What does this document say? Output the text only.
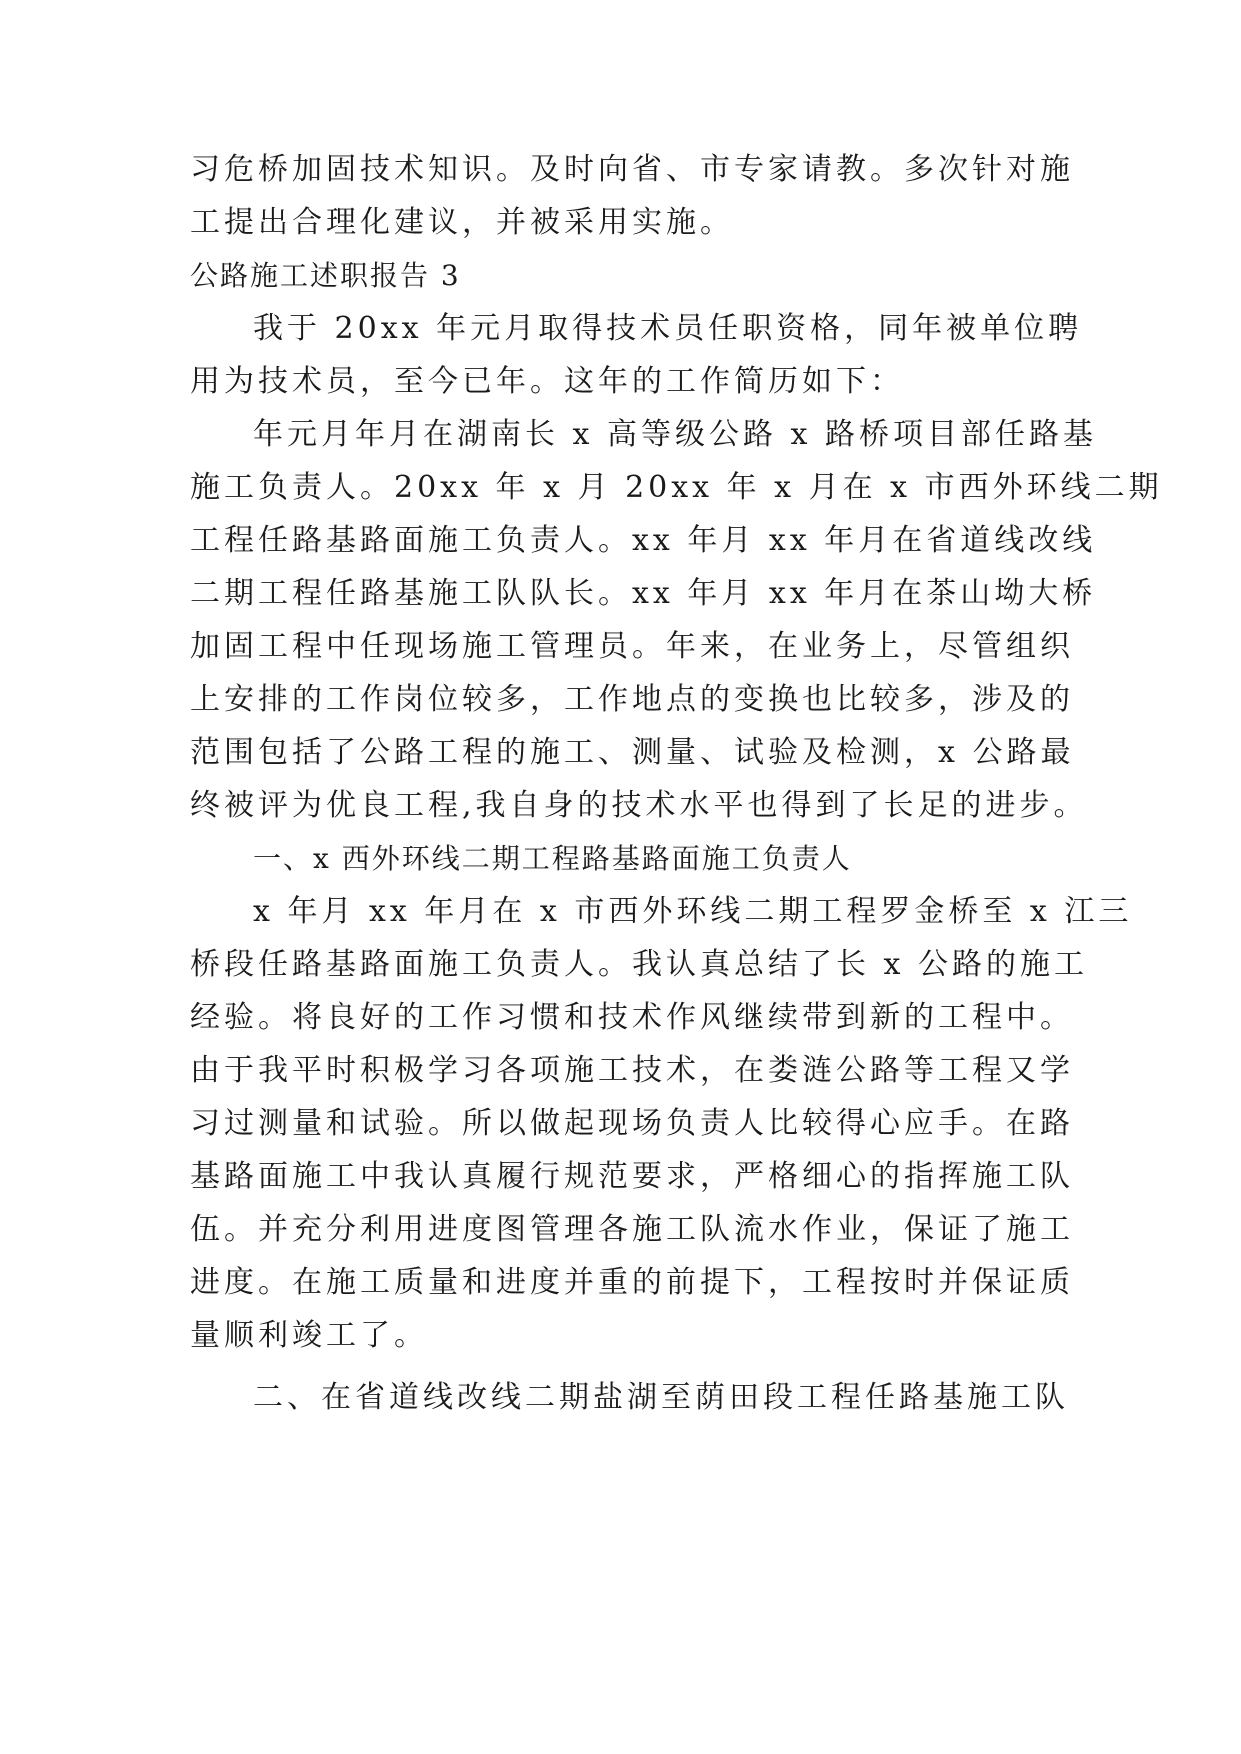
习危桥加固技术知识。及时向省、市专家请教。多次针对施
工提出合理化建议，并被采用实施。
公路施工述职报告 3
我于 20xx 年元月取得技术员任职资格，同年被单位聘
用为技术员，至今已年。这年的工作简历如下：
年元月年月在湖南长 x 高等级公路 x 路桥项目部任路基
施工负责人。20xx 年 x 月 20xx 年 x 月在 x 市西外环线二期
工程任路基路面施工负责人。xx 年月 xx 年月在省道线改线
二期工程任路基施工队队长。xx 年月 xx 年月在茶山坳大桥
加固工程中任现场施工管理员。年来，在业务上，尽管组织
上安排的工作岗位较多，工作地点的变换也比较多，涉及的
范围包括了公路工程的施工、测量、试验及检测，x 公路最
终被评为优良工程,我自身的技术水平也得到了长足的进步。
一、x 西外环线二期工程路基路面施工负责人
x 年月 xx 年月在 x 市西外环线二期工程罗金桥至 x 江三
桥段任路基路面施工负责人。我认真总结了长 x 公路的施工
经验。将良好的工作习惯和技术作风继续带到新的工程中。
由于我平时积极学习各项施工技术，在娄涟公路等工程又学
习过测量和试验。所以做起现场负责人比较得心应手。在路
基路面施工中我认真履行规范要求，严格细心的指挥施工队
伍。并充分利用进度图管理各施工队流水作业，保证了施工
进度。在施工质量和进度并重的前提下，工程按时并保证质
量顺利竣工了。
二、在省道线改线二期盐湖至荫田段工程任路基施工队
